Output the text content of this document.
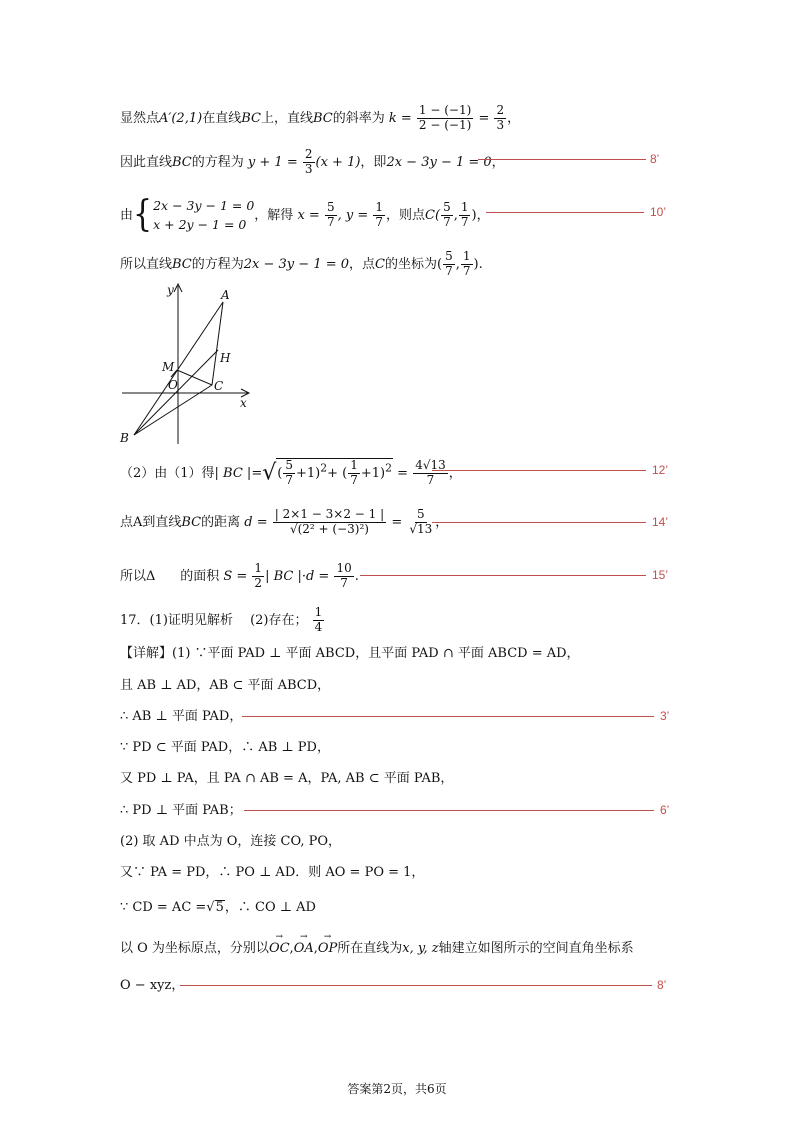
显然点A′(2,1)在直线BC上，直线BC的斜率为 $k = \frac{1 - (-1)}{2 - (-1)} = \frac{2}{3}$ ，
因此直线BC的方程为 $y + 1 = \frac{2}{3} (x + 1)$，即2x − 3y − 1 = 0，	8’
由{ 2x − 3y − 1 = 0
x + 2y − 1 = 0
，解得 $x = \frac{5}{7}$ , $y = \frac{1}{7}$ ，则点$C( \frac{5}{7}$ , $\frac{1}{7}$ )，	10’
所以直线BC的方程为2x − 3y − 1 = 0，点C的坐标为( $\frac{5}{7}$ , $\frac{1}{7}$ ).
y
x
A
M
H
O	C
B
（2）由（1）得| BC |=√( $\frac{5}{7} +1)^2+$ ( $\frac{1}{7} +1)^2 = \frac{4√13}{7}$ ，	12’
点A到直线BC的距离 $d = \frac{| 2\times 1 - 3\times 2 - 1 |}{\text{√(2² + (−3)²)}} = \frac{5}{√13}$ ，	14’
所以Δ 的面积 $S = \frac{1}{2}$ | BC $|\cdot d = \frac{10}{7}$ .	15’
17．(1)证明见解析　 (2)存在； $\frac{1}{4}$
【详解】(1) ∵平面 PAD ⊥ 平面 ABCD，且平面 PAD ∩ 平面 ABCD = AD，
且 AB ⊥ AD，AB ⊂ 平面 ABCD，
∴ AB ⊥ 平面 PAD，	3’
∵ PD ⊂ 平面 PAD，∴ AB ⊥ PD，
又 PD ⊥ PA，且 PA ∩ AB = A，PA, AB ⊂ 平面 PAB，
∴ PD ⊥ 平面 PAB；	6’
(2) 取 AD 中点为 O，连接 CO, PO，
又∵ PA = PD，∴ PO ⊥ AD．则 AO = PO = 1，
∵ CD = AC =√5，∴ CO ⊥ AD
以 O 为坐标原点，分别以→ OC,→ OA,→ OP所在直线为x, y, z轴建立如图所示的空间直角坐标系
O − xyz，	8’
答案第2页，共6页
